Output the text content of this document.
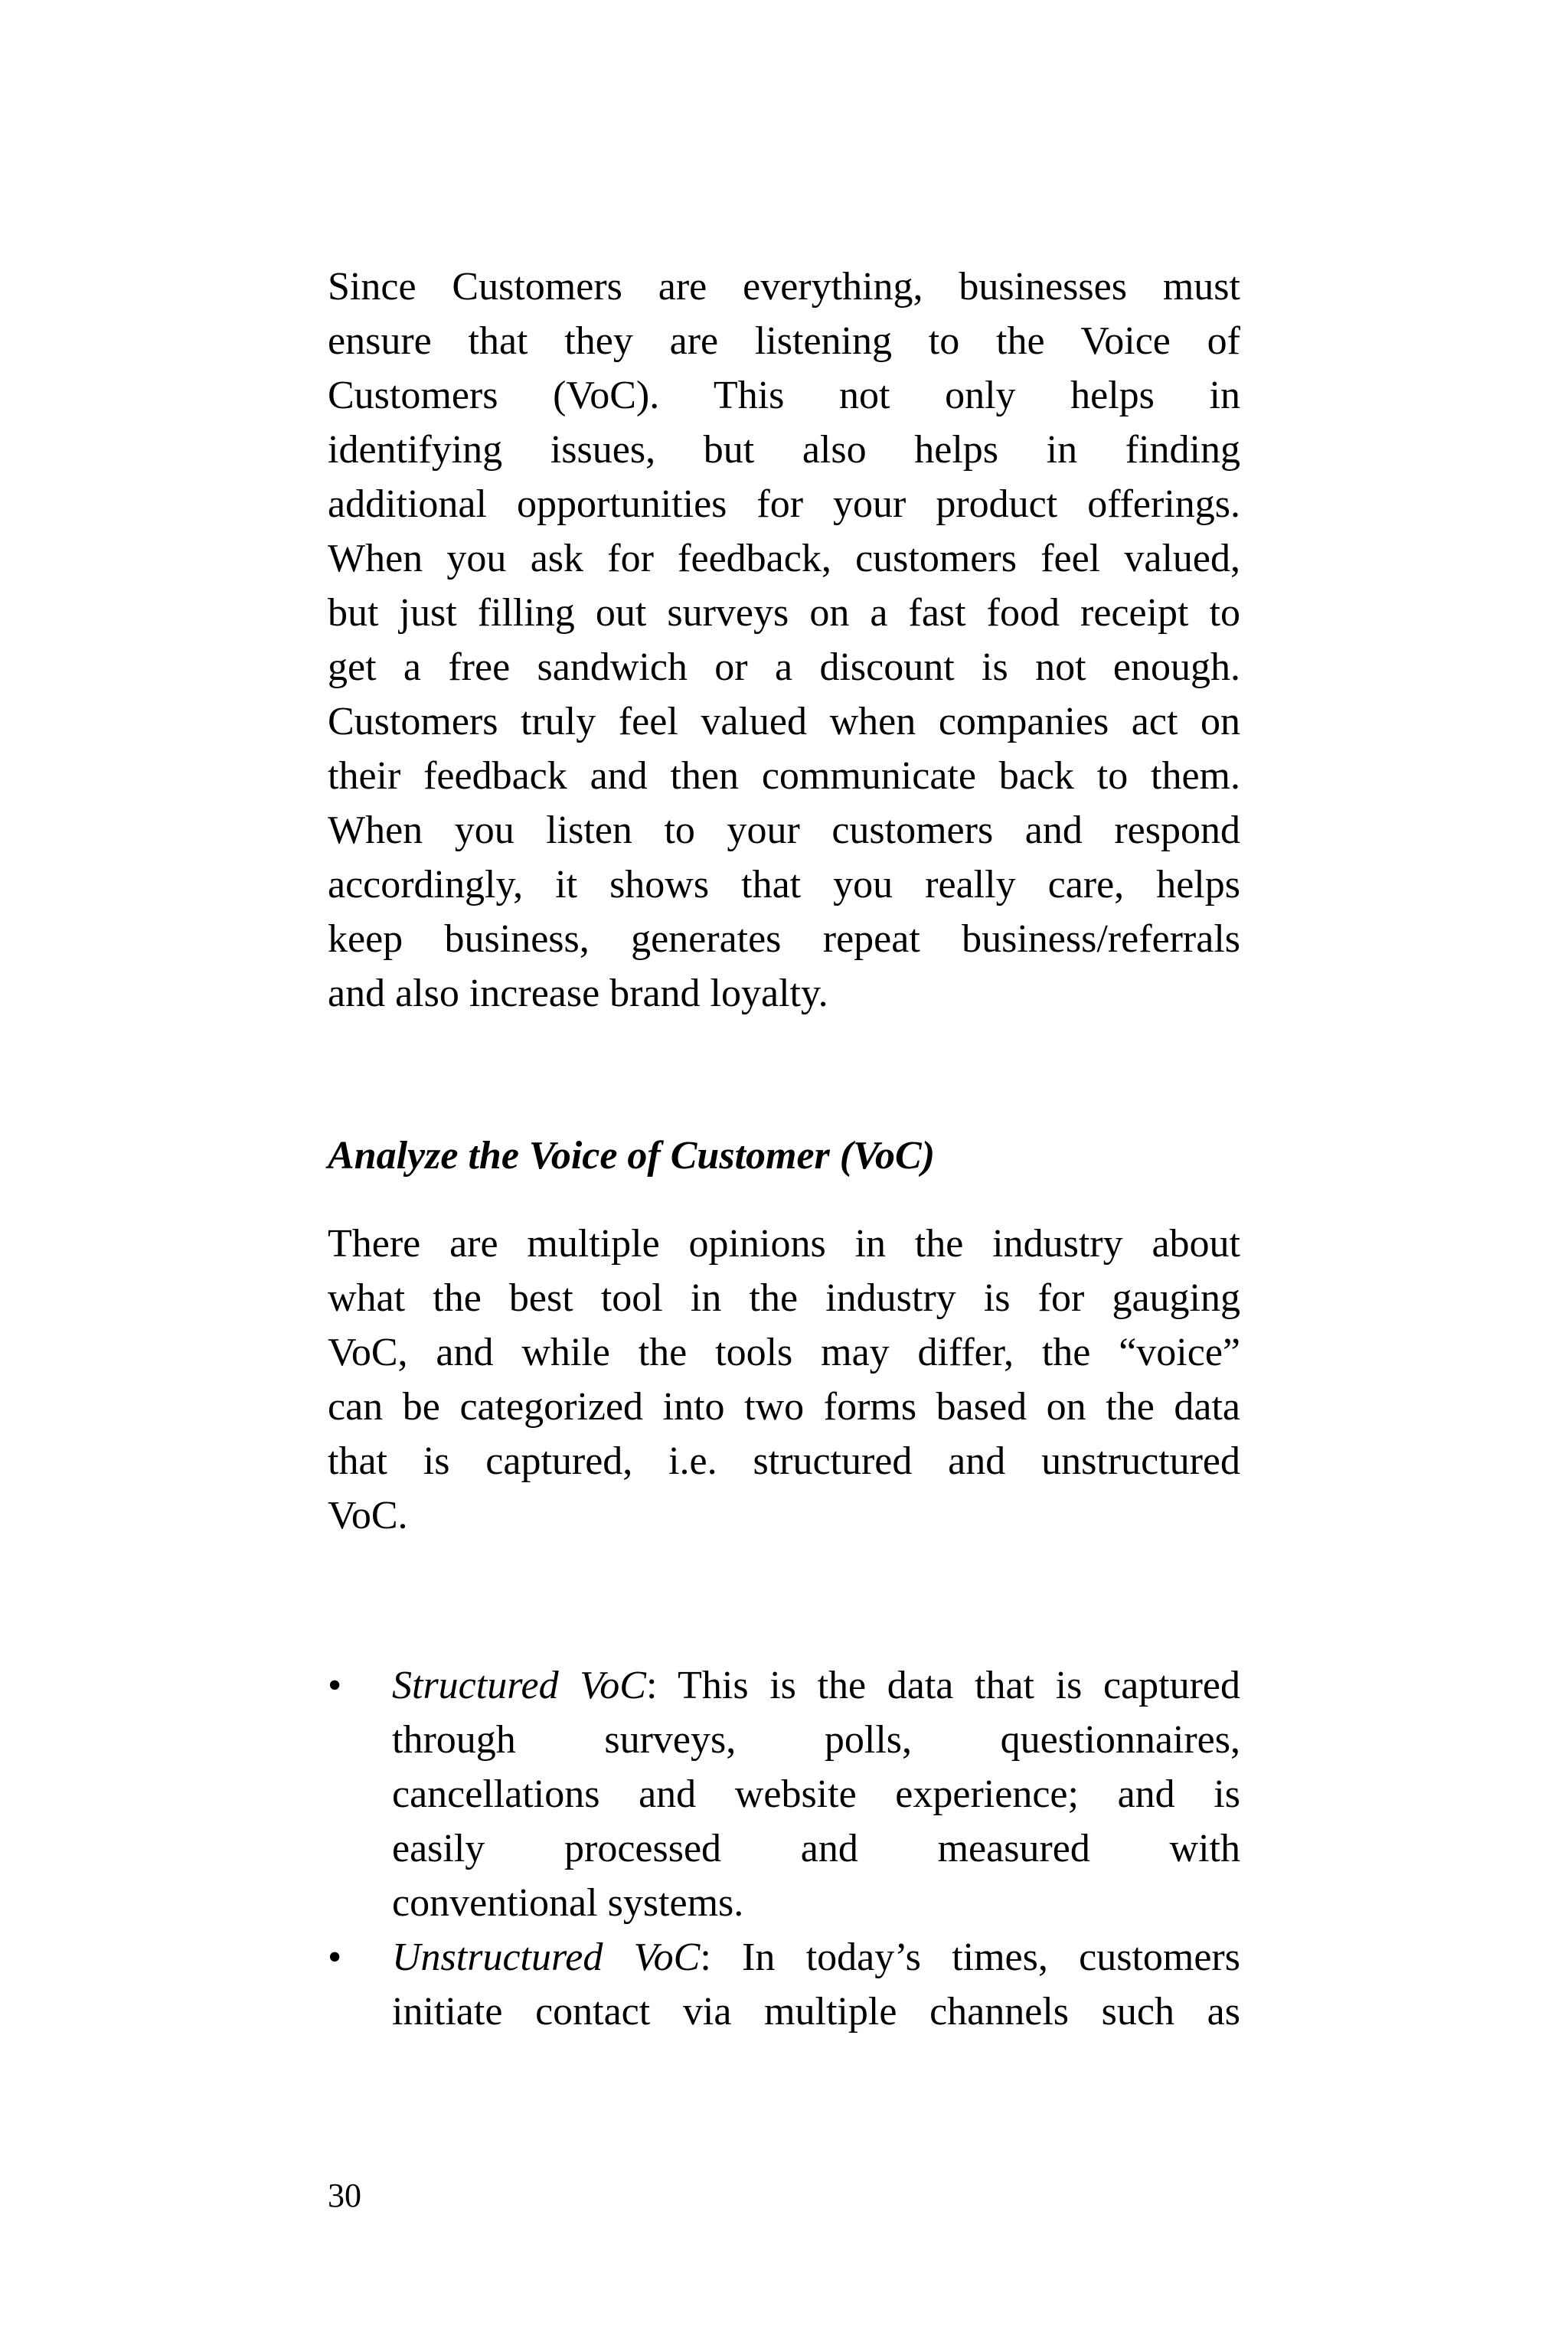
Since Customers are everything, businesses must
ensure that they are listening to the Voice of
Customers (VoC). This not only helps in
identifying issues, but also helps in finding
additional opportunities for your product offerings.
When you ask for feedback, customers feel valued,
but just filling out surveys on a fast food receipt to
get a free sandwich or a discount is not enough.
Customers truly feel valued when companies act on
their feedback and then communicate back to them.
When you listen to your customers and respond
accordingly, it shows that you really care, helps
keep business, generates repeat business/referrals
and also increase brand loyalty.
Analyze the Voice of Customer (VoC)
There are multiple opinions in the industry about
what the best tool in the industry is for gauging
VoC, and while the tools may differ, the “voice”
can be categorized into two forms based on the data
that is captured, i.e. structured and unstructured
VoC.
•	Structured VoC: This is the data that is captured
through surveys, polls, questionnaires,
cancellations and website experience; and is
easily processed and measured with
conventional systems.
•	Unstructured VoC: In today’s times, customers
initiate contact via multiple channels such as
30
